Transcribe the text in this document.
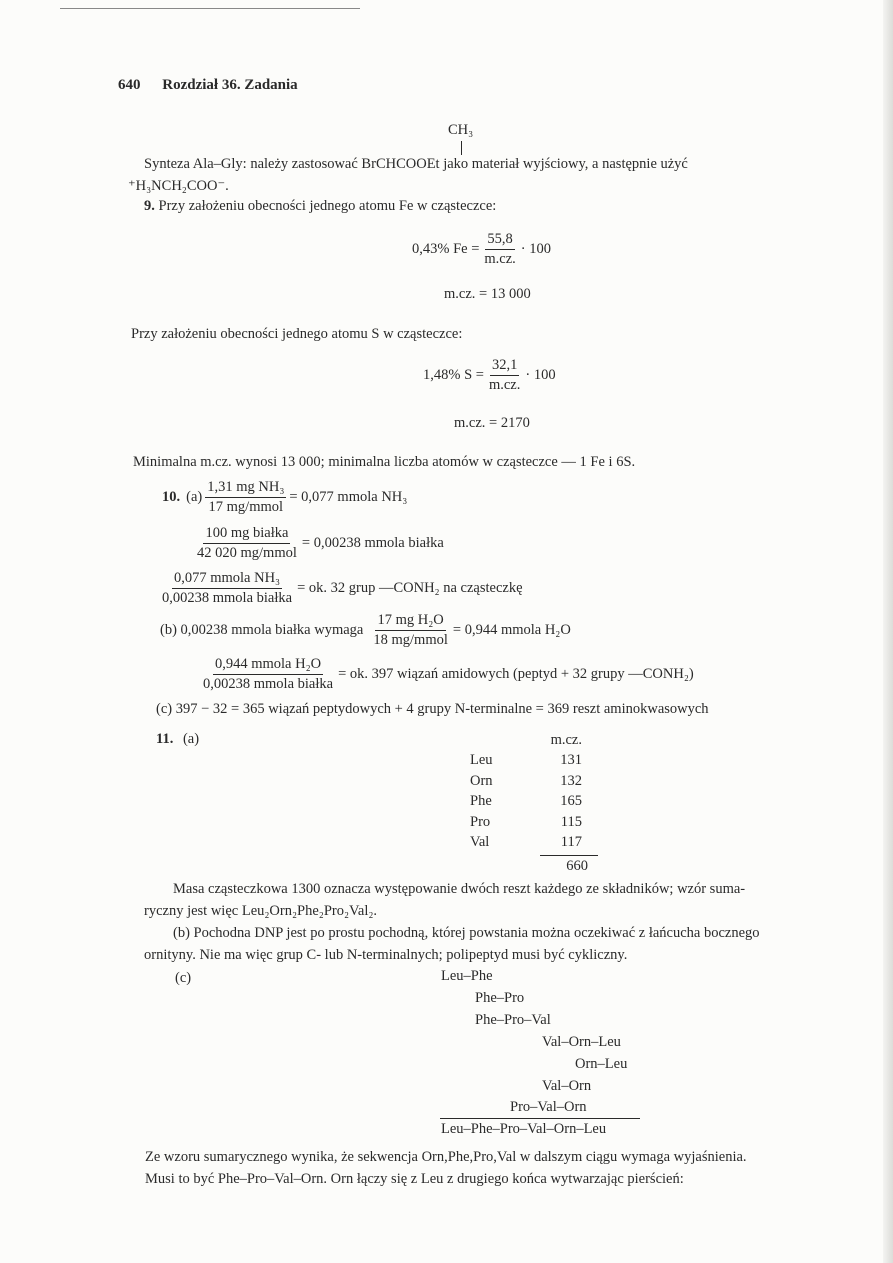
640 Rozdział 36. Zadania
CH₃
Synteza Ala–Gly: należy zastosować BrCHCOOEt jako materiał wyjściowy, a następnie użyć
⁺H₃NCH₂COO⁻.
9. Przy założeniu obecności jednego atomu Fe w cząsteczce:
0,43% $Fe = \frac{55,8}{m.cz.} \cdot 100$
m.cz. = 13 000
Przy założeniu obecności jednego atomu S w cząsteczce:
1,48% $S = \frac{32,1}{m.cz.} \cdot 100$
m.cz. = 2170
Minimalna m.cz. wynosi 13 000; minimalna liczba atomów w cząsteczce — 1 Fe i 6S.
10. $(a) \frac{\text{1,31 mg NH₃}}{\text{17 mg/mmol}} = 0,077$ mmola NH₃
$\frac{\text{100 mg białka}}{\text{42 020 mg/mmol}} = 0,00238$ mmola białka
$\frac{\text{0,077 mmola NH₃}}{\text{0,00238 mmola białka}}$ = ok. 32 grup —CONH₂ na cząsteczkę
(b) 0,00238 mmola białka wymaga $\frac{\text{17 mg H₂O}}{\text{18 mg/mmol}} = 0,944$ mmola H₂O
$\frac{\text{0,944 mmola H₂O}}{\text{0,00238 mmola białka}}$ = ok. 397 wiązań amidowych (peptyd + 32 grupy —CONH₂)
(c) 397 − 32 = 365 wiązań peptydowych + 4 grupy N-terminalne = 369 reszt aminokwasowych
11. (a)	m.cz.
Leu	131
Orn	132
Phe	165
Pro	115
Val	117
660
Masa cząsteczkowa 1300 oznacza występowanie dwóch reszt każdego ze składników; wzór suma-
ryczny jest więc Leu₂Orn₂Phe₂Pro₂Val₂.
(b) Pochodna DNP jest po prostu pochodną, której powstania można oczekiwać z łańcucha bocznego
ornityny. Nie ma więc grup C- lub N-terminalnych; polipeptyd musi być cykliczny.
(c)	Leu–Phe
Phe–Pro
Phe–Pro–Val
Val–Orn–Leu
Orn–Leu
Val–Orn
Pro–Val–Orn
Leu–Phe–Pro–Val–Orn–Leu
Ze wzoru sumarycznego wynika, że sekwencja Orn,Phe,Pro,Val w dalszym ciągu wymaga wyjaśnienia.
Musi to być Phe–Pro–Val–Orn. Orn łączy się z Leu z drugiego końca wytwarzając pierścień:
